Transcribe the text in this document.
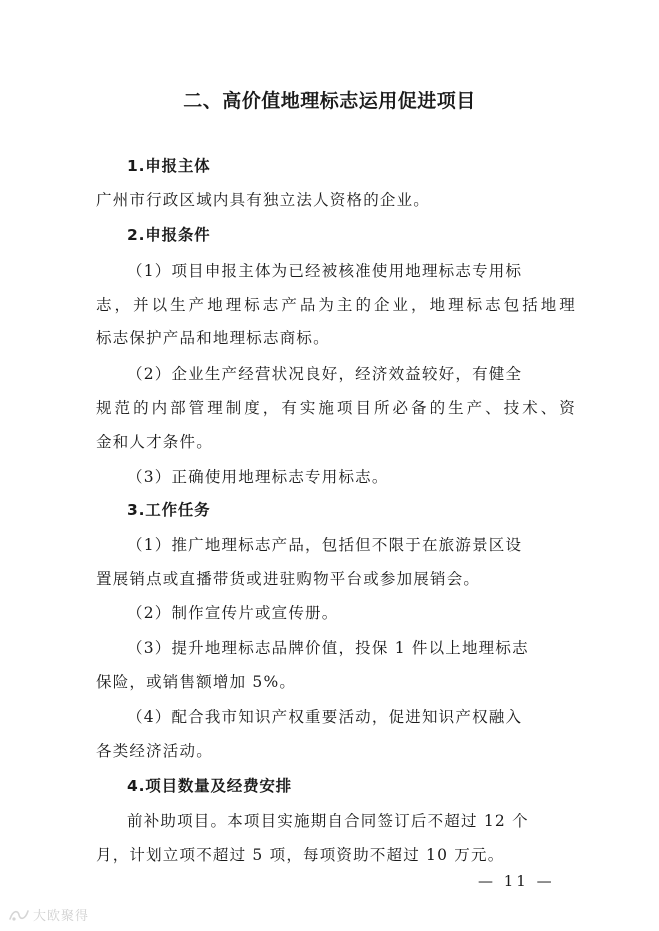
二、高价值地理标志运用促进项目
1.申报主体
广州市行政区域内具有独立法人资格的企业。
2.申报条件
（1）项目申报主体为已经被核准使用地理标志专用标
志，并以生产地理标志产品为主的企业，地理标志包括地理
标志保护产品和地理标志商标。
（2）企业生产经营状况良好，经济效益较好，有健全
规范的内部管理制度，有实施项目所必备的生产、技术、资
金和人才条件。
（3）正确使用地理标志专用标志。
3.工作任务
（1）推广地理标志产品，包括但不限于在旅游景区设
置展销点或直播带货或进驻购物平台或参加展销会。
（2）制作宣传片或宣传册。
（3）提升地理标志品牌价值，投保 1 件以上地理标志
保险，或销售额增加 5%。
（4）配合我市知识产权重要活动，促进知识产权融入
各类经济活动。
4.项目数量及经费安排
前补助项目。本项目实施期自合同签订后不超过 12 个
月，计划立项不超过 5 项，每项资助不超过 10 万元。
— 11 —
大欧聚得
